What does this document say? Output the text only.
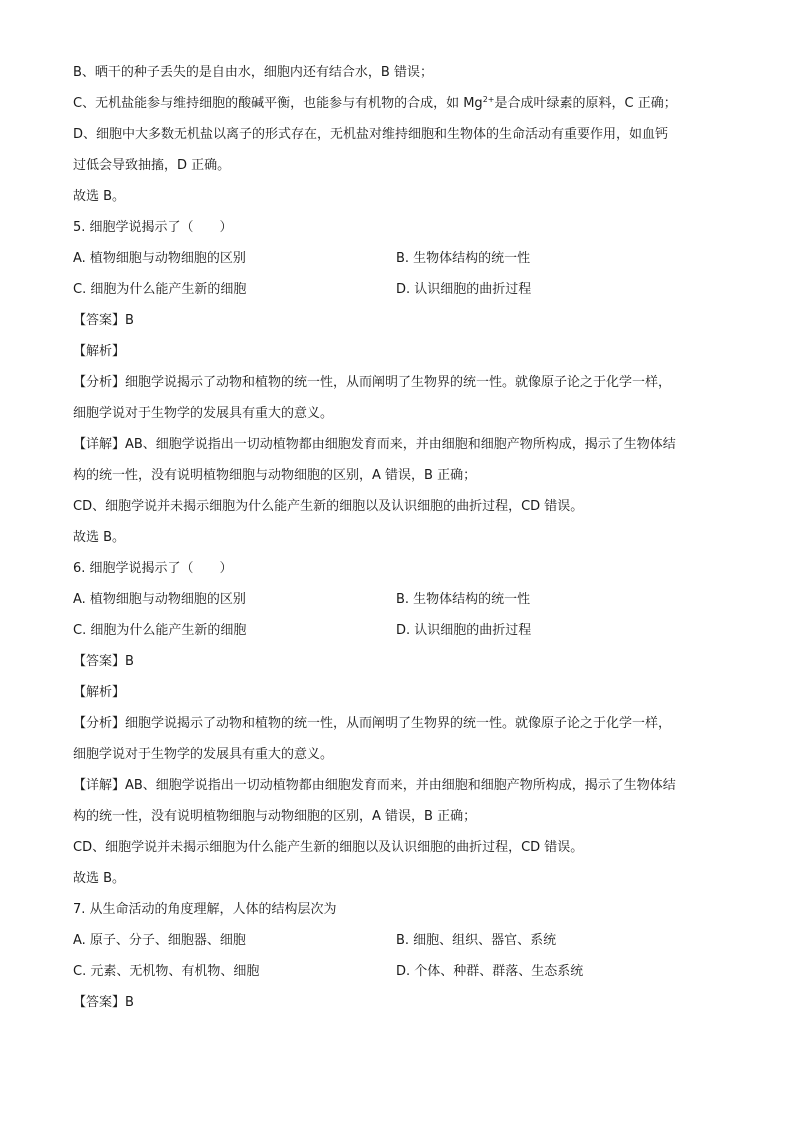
B、晒干的种子丢失的是自由水，细胞内还有结合水，B 错误；
C、无机盐能参与维持细胞的酸碱平衡，也能参与有机物的合成，如 $Mg^{2+}$是合成叶绿素的原料，C 正确；
D、细胞中大多数无机盐以离子的形式存在，无机盐对维持细胞和生物体的生命活动有重要作用，如血钙
过低会导致抽搐，D 正确。
故选 B。
5. 细胞学说揭示了（　　）
A. 植物细胞与动物细胞的区别	B. 生物体结构的统一性
C. 细胞为什么能产生新的细胞	D. 认识细胞的曲折过程
【答案】B
【解析】
【分析】细胞学说揭示了动物和植物的统一性，从而阐明了生物界的统一性。就像原子论之于化学一样，
细胞学说对于生物学的发展具有重大的意义。
【详解】AB、细胞学说指出一切动植物都由细胞发育而来，并由细胞和细胞产物所构成，揭示了生物体结
构的统一性，没有说明植物细胞与动物细胞的区别，A 错误，B 正确；
CD、细胞学说并未揭示细胞为什么能产生新的细胞以及认识细胞的曲折过程，CD 错误。
故选 B。
6. 细胞学说揭示了（　　）
A. 植物细胞与动物细胞的区别	B. 生物体结构的统一性
C. 细胞为什么能产生新的细胞	D. 认识细胞的曲折过程
【答案】B
【解析】
【分析】细胞学说揭示了动物和植物的统一性，从而阐明了生物界的统一性。就像原子论之于化学一样，
细胞学说对于生物学的发展具有重大的意义。
【详解】AB、细胞学说指出一切动植物都由细胞发育而来，并由细胞和细胞产物所构成，揭示了生物体结
构的统一性，没有说明植物细胞与动物细胞的区别，A 错误，B 正确；
CD、细胞学说并未揭示细胞为什么能产生新的细胞以及认识细胞的曲折过程，CD 错误。
故选 B。
7. 从生命活动的角度理解，人体的结构层次为
A. 原子、分子、细胞器、细胞	B. 细胞、组织、器官、系统
C. 元素、无机物、有机物、细胞	D. 个体、种群、群落、生态系统
【答案】B
